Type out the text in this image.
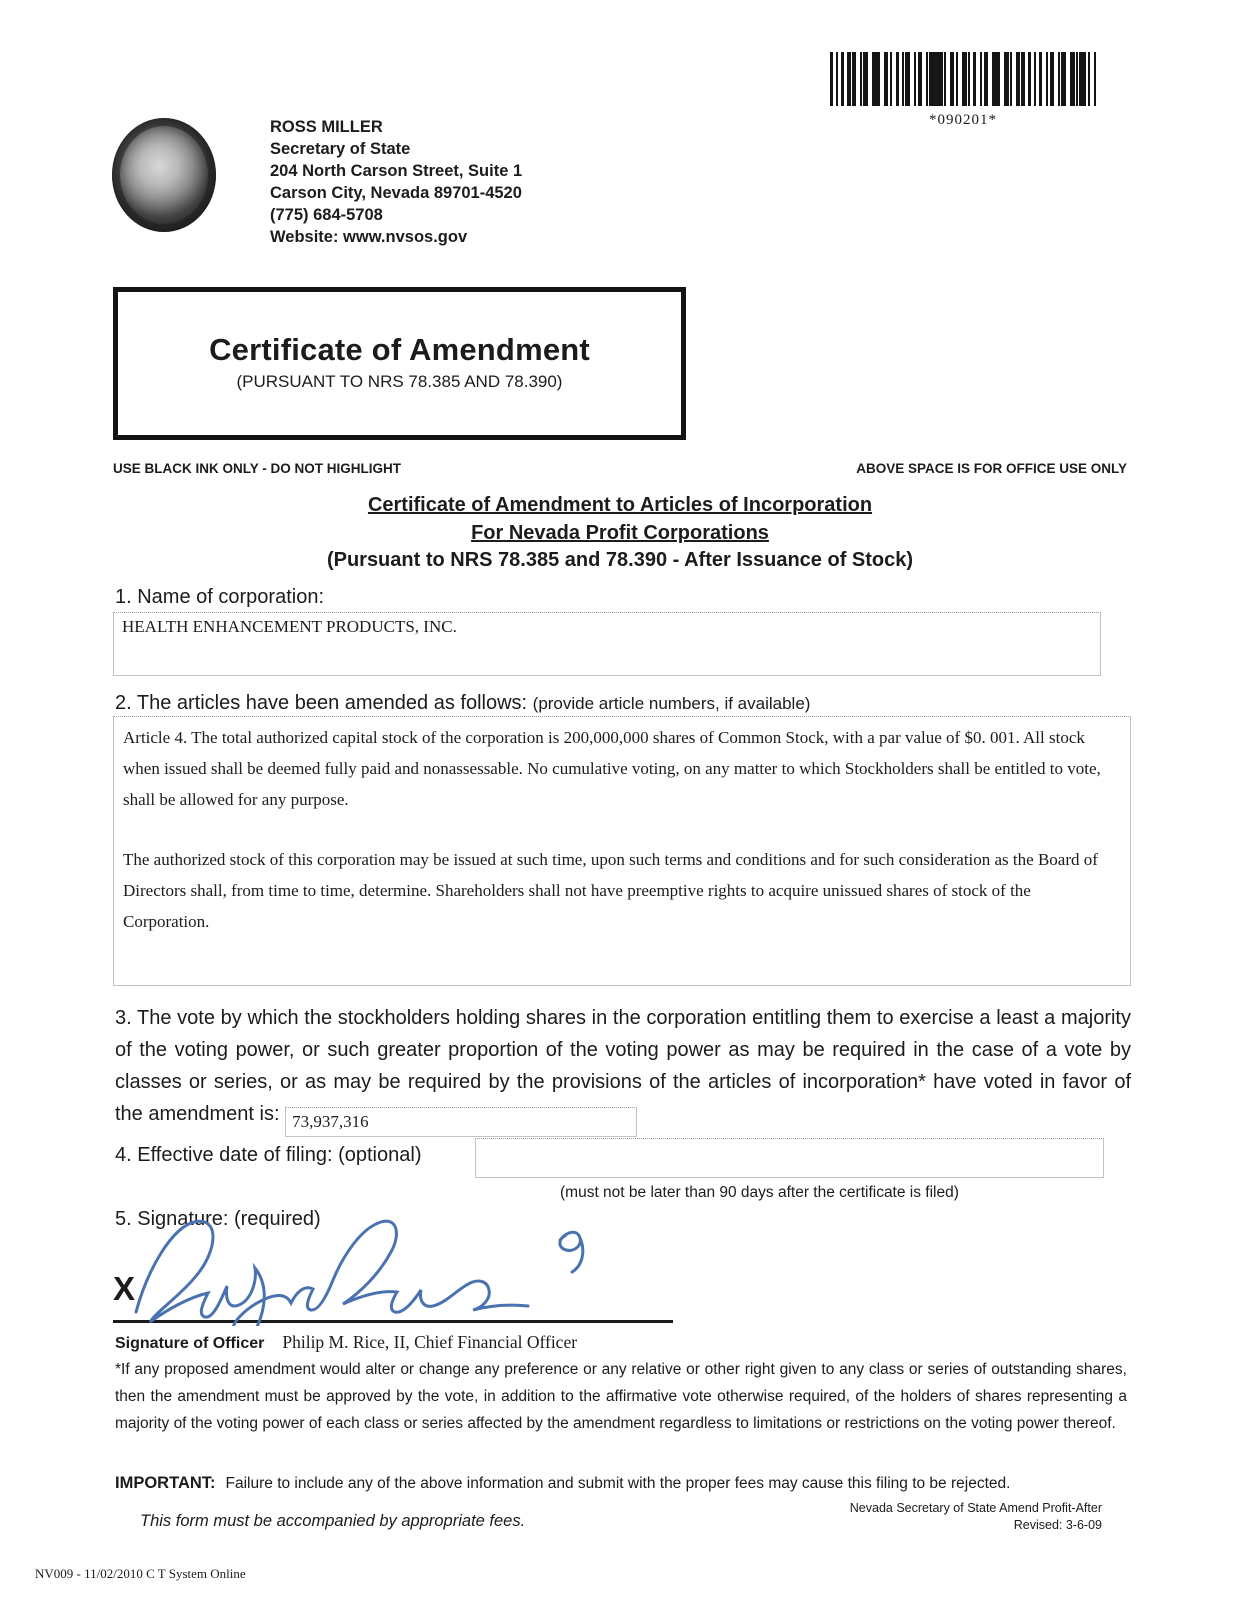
ROSS MILLER
Secretary of State
204 North Carson Street, Suite 1
Carson City, Nevada 89701-4520
(775) 684-5708
Website: www.nvsos.gov
*090201*
Certificate of Amendment
(PURSUANT TO NRS 78.385 AND 78.390)
USE BLACK INK ONLY - DO NOT HIGHLIGHT	ABOVE SPACE IS FOR OFFICE USE ONLY
Certificate of Amendment to Articles of Incorporation
For Nevada Profit Corporations
(Pursuant to NRS 78.385 and 78.390 - After Issuance of Stock)
1. Name of corporation:
HEALTH ENHANCEMENT PRODUCTS, INC.
2. The articles have been amended as follows: (provide article numbers, if available)

Article 4. The total authorized capital stock of the corporation is 200,000,000 shares of Common Stock, with a par value of $0. 001. All stock when issued shall be deemed fully paid and nonassessable. No cumulative voting, on any matter to which Stockholders shall be entitled to vote, shall be allowed for any purpose.

The authorized stock of this corporation may be issued at such time, upon such terms and conditions and for such consideration as the Board of Directors shall, from time to time, determine. Shareholders shall not have preemptive rights to acquire unissued shares of stock of the Corporation.

3. The vote by which the stockholders holding shares in the corporation entitling them to exercise a least a majority of the voting power, or such greater proportion of the voting power as may be required in the case of a vote by classes or series, or as may be required by the provisions of the articles of incorporation* have voted in favor of the amendment is: 73,937,316

4. Effective date of filing: (optional)
(must not be later than 90 days after the certificate is filed)
5. Signature: (required)
X
Signature of Officer Philip M. Rice, II, Chief Financial Officer

*If any proposed amendment would alter or change any preference or any relative or other right given to any class or series of outstanding shares, then the amendment must be approved by the vote, in addition to the affirmative vote otherwise required, of the holders of shares representing a majority of the voting power of each class or series affected by the amendment regardless to limitations or restrictions on the voting power thereof.

IMPORTANT: Failure to include any of the above information and submit with the proper fees may cause this filing to be rejected.
This form must be accompanied by appropriate fees.
Nevada Secretary of State Amend Profit-After
Revised: 3-6-09
NV009 - 11/02/2010 C T System Online
